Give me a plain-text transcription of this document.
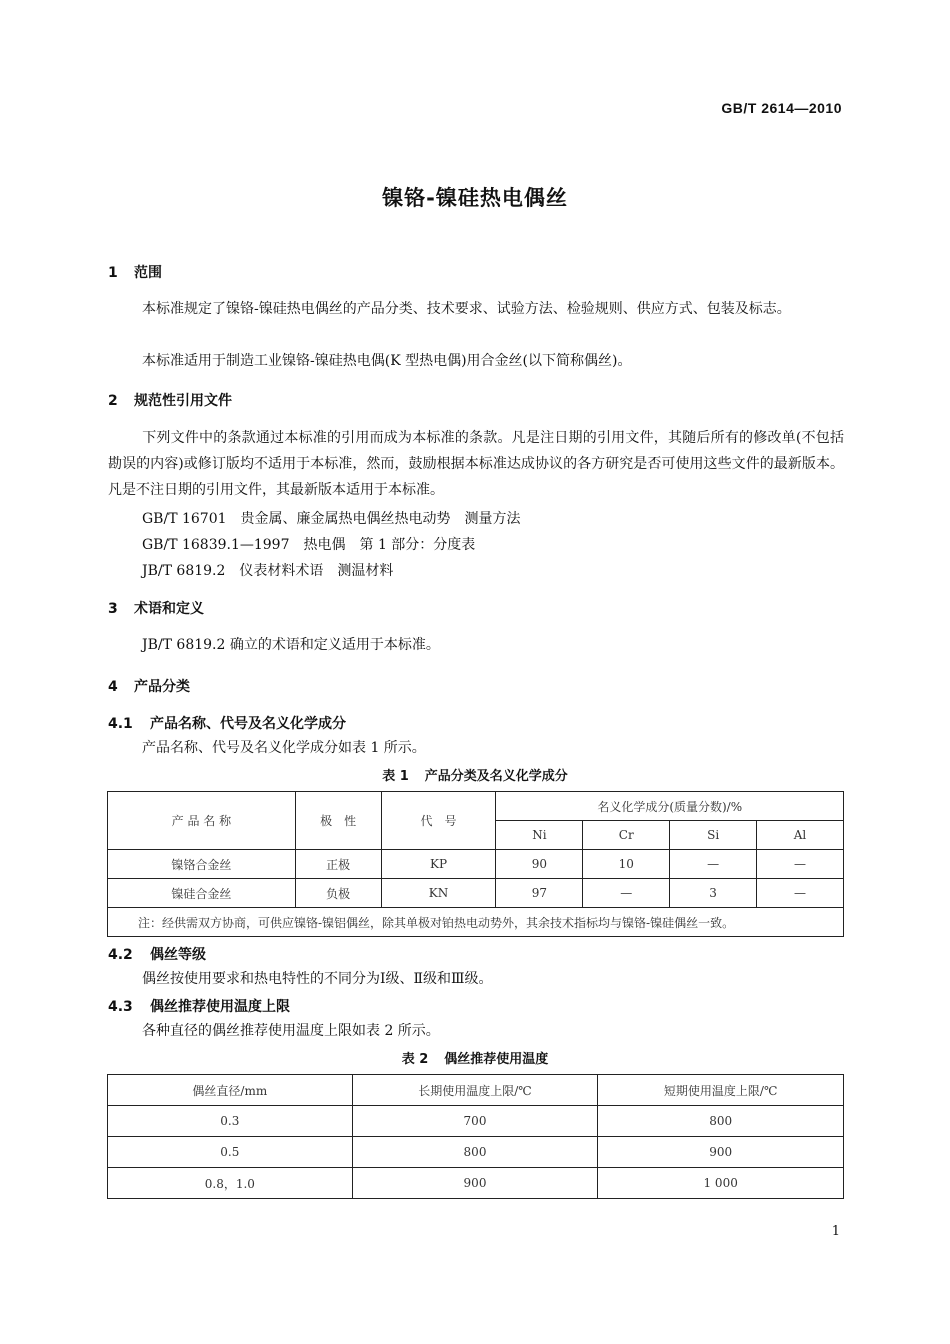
GB/T 2614—2010
镍铬-镍硅热电偶丝
1 范围
本标准规定了镍铬-镍硅热电偶丝的产品分类、技术要求、试验方法、检验规则、供应方式、包装及标志。
本标准适用于制造工业镍铬-镍硅热电偶(K 型热电偶)用合金丝(以下简称偶丝)。
2 规范性引用文件
下列文件中的条款通过本标准的引用而成为本标准的条款。凡是注日期的引用文件，其随后所有的修改单(不包括勘误的内容)或修订版均不适用于本标准，然而，鼓励根据本标准达成协议的各方研究是否可使用这些文件的最新版本。凡是不注日期的引用文件，其最新版本适用于本标准。
GB/T 16701 贵金属、廉金属热电偶丝热电动势 测量方法
GB/T 16839.1—1997 热电偶 第 1 部分：分度表
JB/T 6819.2 仪表材料术语 测温材料
3 术语和定义
JB/T 6819.2 确立的术语和定义适用于本标准。
4 产品分类
4.1 产品名称、代号及名义化学成分
产品名称、代号及名义化学成分如表 1 所示。
表 1 产品分类及名义化学成分
产 品 名 称	极　性	代　号	名义化学成分(质量分数)/%			
			Ni	Cr	Si	Al
镍铬合金丝	正极	KP	90	10	—	—
镍硅合金丝	负极	KN	97	—	3	—
注：经供需双方协商，可供应镍铬-镍铝偶丝，除其单极对铂热电动势外，其余技术指标均与镍铬-镍硅偶丝一致。						
4.2 偶丝等级
偶丝按使用要求和热电特性的不同分为Ⅰ级、Ⅱ级和Ⅲ级。
4.3 偶丝推荐使用温度上限
各种直径的偶丝推荐使用温度上限如表 2 所示。
表 2 偶丝推荐使用温度
偶丝直径/mm	长期使用温度上限/℃	短期使用温度上限/℃
0.3	700	800
0.5	800	900
0.8，1.0	900	1 000
1
